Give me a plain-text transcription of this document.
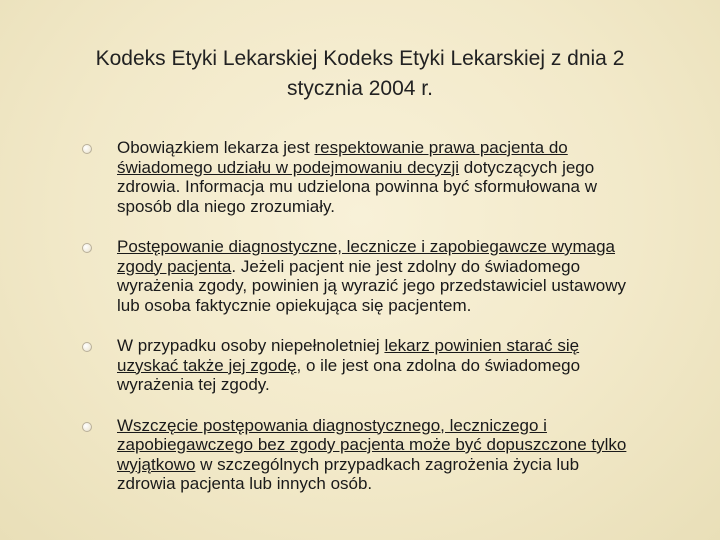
Kodeks Etyki Lekarskiej Kodeks Etyki Lekarskiej z dnia 2 stycznia 2004 r.
Obowiązkiem lekarza jest respektowanie prawa pacjenta do świadomego udziału w podejmowaniu decyzji dotyczących jego zdrowia. Informacja mu udzielona powinna być sformułowana w sposób dla niego zrozumiały.
Postępowanie diagnostyczne, lecznicze i zapobiegawcze wymaga zgody pacjenta. Jeżeli pacjent nie jest zdolny do świadomego wyrażenia zgody, powinien ją wyrazić jego przedstawiciel ustawowy lub osoba faktycznie opiekująca się pacjentem.
W przypadku osoby niepełnoletniej lekarz powinien starać się uzyskać także jej zgodę, o ile jest ona zdolna do świadomego wyrażenia tej zgody.
Wszczęcie postępowania diagnostycznego, leczniczego i zapobiegawczego bez zgody pacjenta może być dopuszczone tylko wyjątkowo w szczególnych przypadkach zagrożenia życia lub zdrowia pacjenta lub innych osób.
